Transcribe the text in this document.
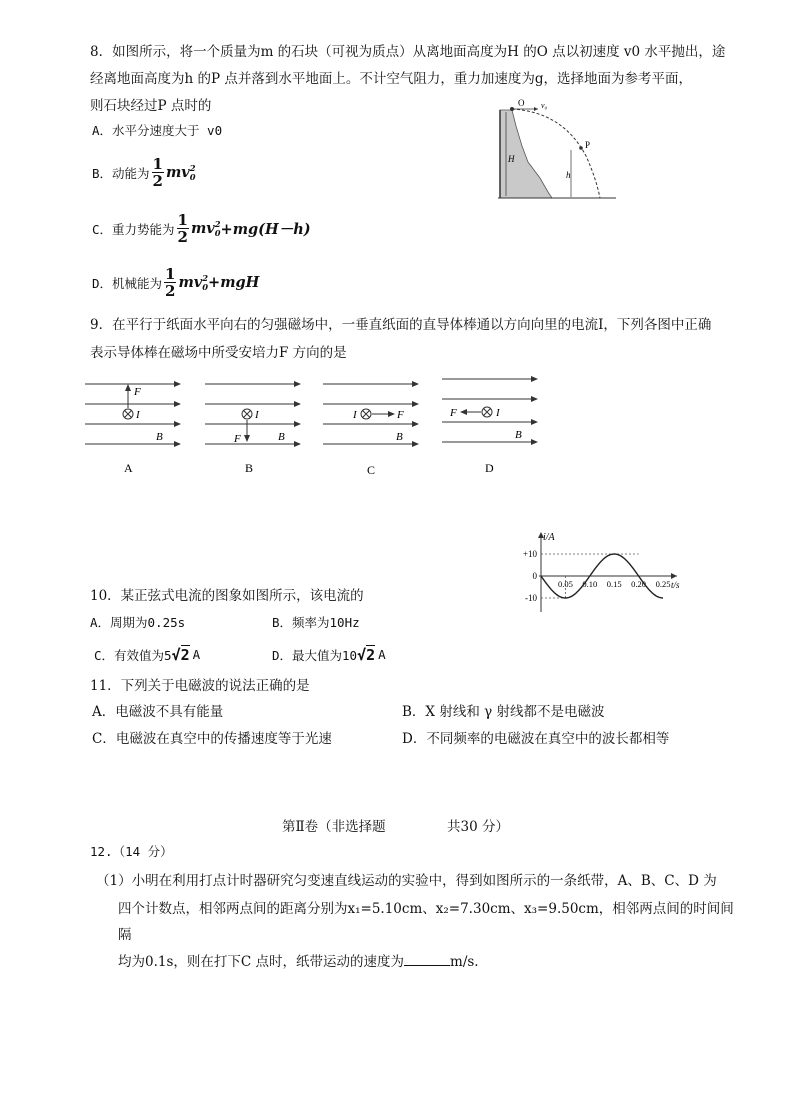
8．如图所示，将一个质量为m 的石块（可视为质点）从离地面高度为H 的O 点以初速度 v0 水平抛出，途
经离地面高度为h 的P 点并落到水平地面上。不计空气阻力，重力加速度为g，选择地面为参考平面，
则石块经过P 点时的
A．水平分速度大于 v0
B．动能为 $\frac{1}{2}$ mv 2
0
C．重力势能为 $\frac{1}{2}$ mv 2
0 +mg(H－h)
D．机械能为 $\frac{1}{2}$ mv 2
0 +mgH
H
O v₀
P
h
9．在平行于纸面水平向右的匀强磁场中，一垂直纸面的直导体棒通以方向向里的电流I，下列各图中正确
表示导体棒在磁场中所受安培力F 方向的是
F
I
B
A
F
I
B
B
F
I
B
C
F	I
B
D
i/A
t/s
+10
0
-10
0.05 0.10 0.15 0.20 0.25
10．某正弦式电流的图象如图所示，该电流的
A．周期为0.25s	B．频率为10Hz
C．有效值为5 √ 2 A	D．最大值为10 √ 2 A
11．下列关于电磁波的说法正确的是
A．电磁波不具有能量	B．X 射线和 γ 射线都不是电磁波
C．电磁波在真空中的传播速度等于光速	D．不同频率的电磁波在真空中的波长都相等
第Ⅱ卷（非选择题	共30 分）
12.（14 分）
（1）小明在利用打点计时器研究匀变速直线运动的实验中，得到如图所示的一条纸带，A、B、C、D 为
四个计数点，相邻两点间的距离分别为x₁=5.10cm、x₂=7.30cm、x₃=9.50cm，相邻两点间的时间间
隔
均为0.1s，则在打下C 点时，纸带运动的速度为	m/s.
